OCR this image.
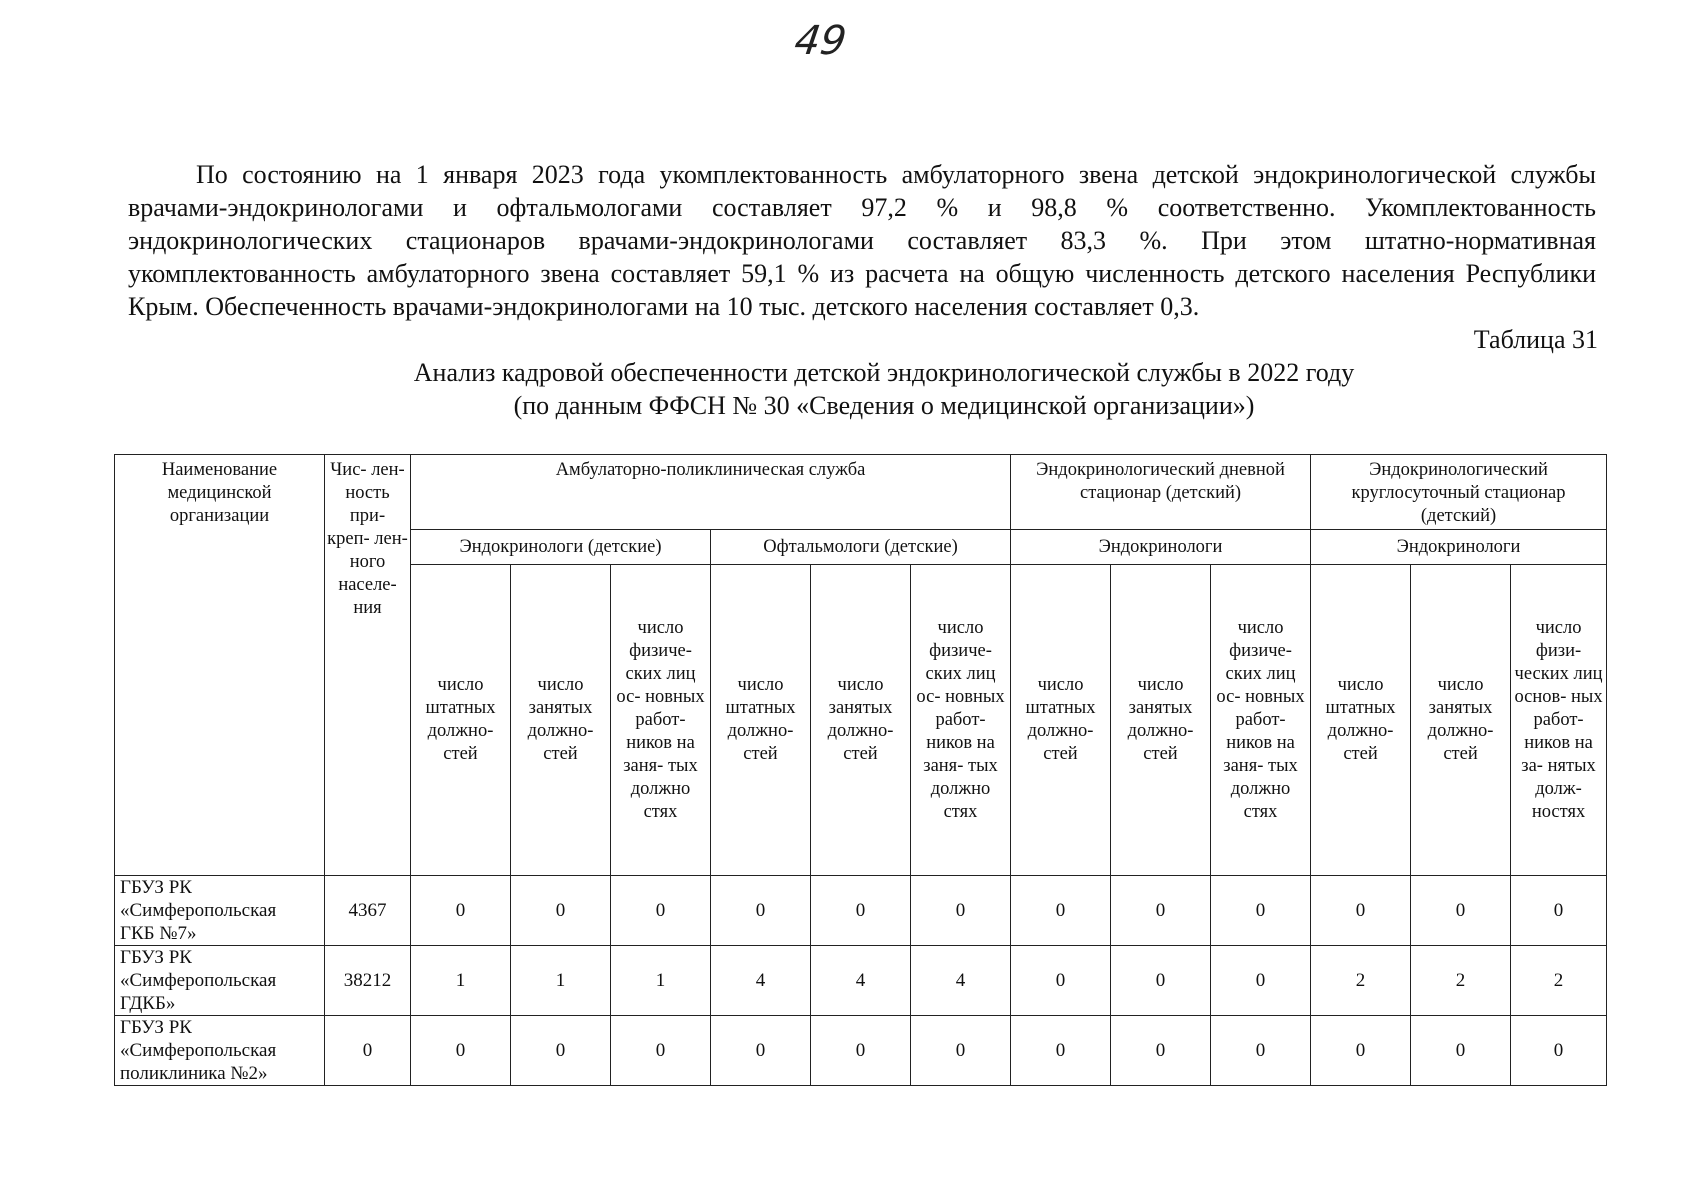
49

По состоянию на 1 января 2023 года укомплектованность амбулаторного звена детской эндокринологической службы врачами-эндокринологами и офтальмологами составляет 97,2 % и 98,8 % соответственно. Укомплектованность эндокринологических стационаров врачами-эндокринологами составляет 83,3 %. При этом штатно-нормативная укомплектованность амбулаторного звена составляет 59,1 % из расчета на общую численность детского населения Республики Крым. Обеспеченность врачами-эндокринологами на 10 тыс. детского населения составляет 0,3.

Таблица 31
Анализ кадровой обеспеченности детской эндокринологической службы в 2022 году
(по данным ФФСН № 30 «Сведения о медицинской организации»)
Наименование медицинской организации	Чис- лен- ность при- креп- лен- ного населе- ния	Амбулаторно-поликлиническая служба						Эндокринологический дневной стационар (детский)			Эндокринологический круглосуточный стационар (детский)		
		Эндокринологи (детские)			Офтальмологи (детские)			Эндокринологи			Эндокринологи		
		число штатных должно- стей	число занятых должно- стей	число физиче- ских лиц ос- новных работ- ников на заня- тых должно стях	число штатных должно- стей	число занятых должно- стей	число физиче- ских лиц ос- новных работ- ников на заня- тых должно стях	число штатных должно- стей	число занятых должно- стей	число физиче- ских лиц ос- новных работ- ников на заня- тых должно стях	число штатных должно- стей	число занятых должно- стей	число физи- ческих лиц основ- ных работ- ников на за- нятых долж- ностях

ГБУЗ РК
«Симферопольская
ГКБ №7»	4367	0	0	0	0	0	0	0	0	0	0	0	0

ГБУЗ РК
«Симферопольская
ГДКБ»	38212	1	1	1	4	4	4	0	0	0	2	2	2

ГБУЗ РК
«Симферопольская
поликлиника №2»	0	0	0	0	0	0	0	0	0	0	0	0	0
